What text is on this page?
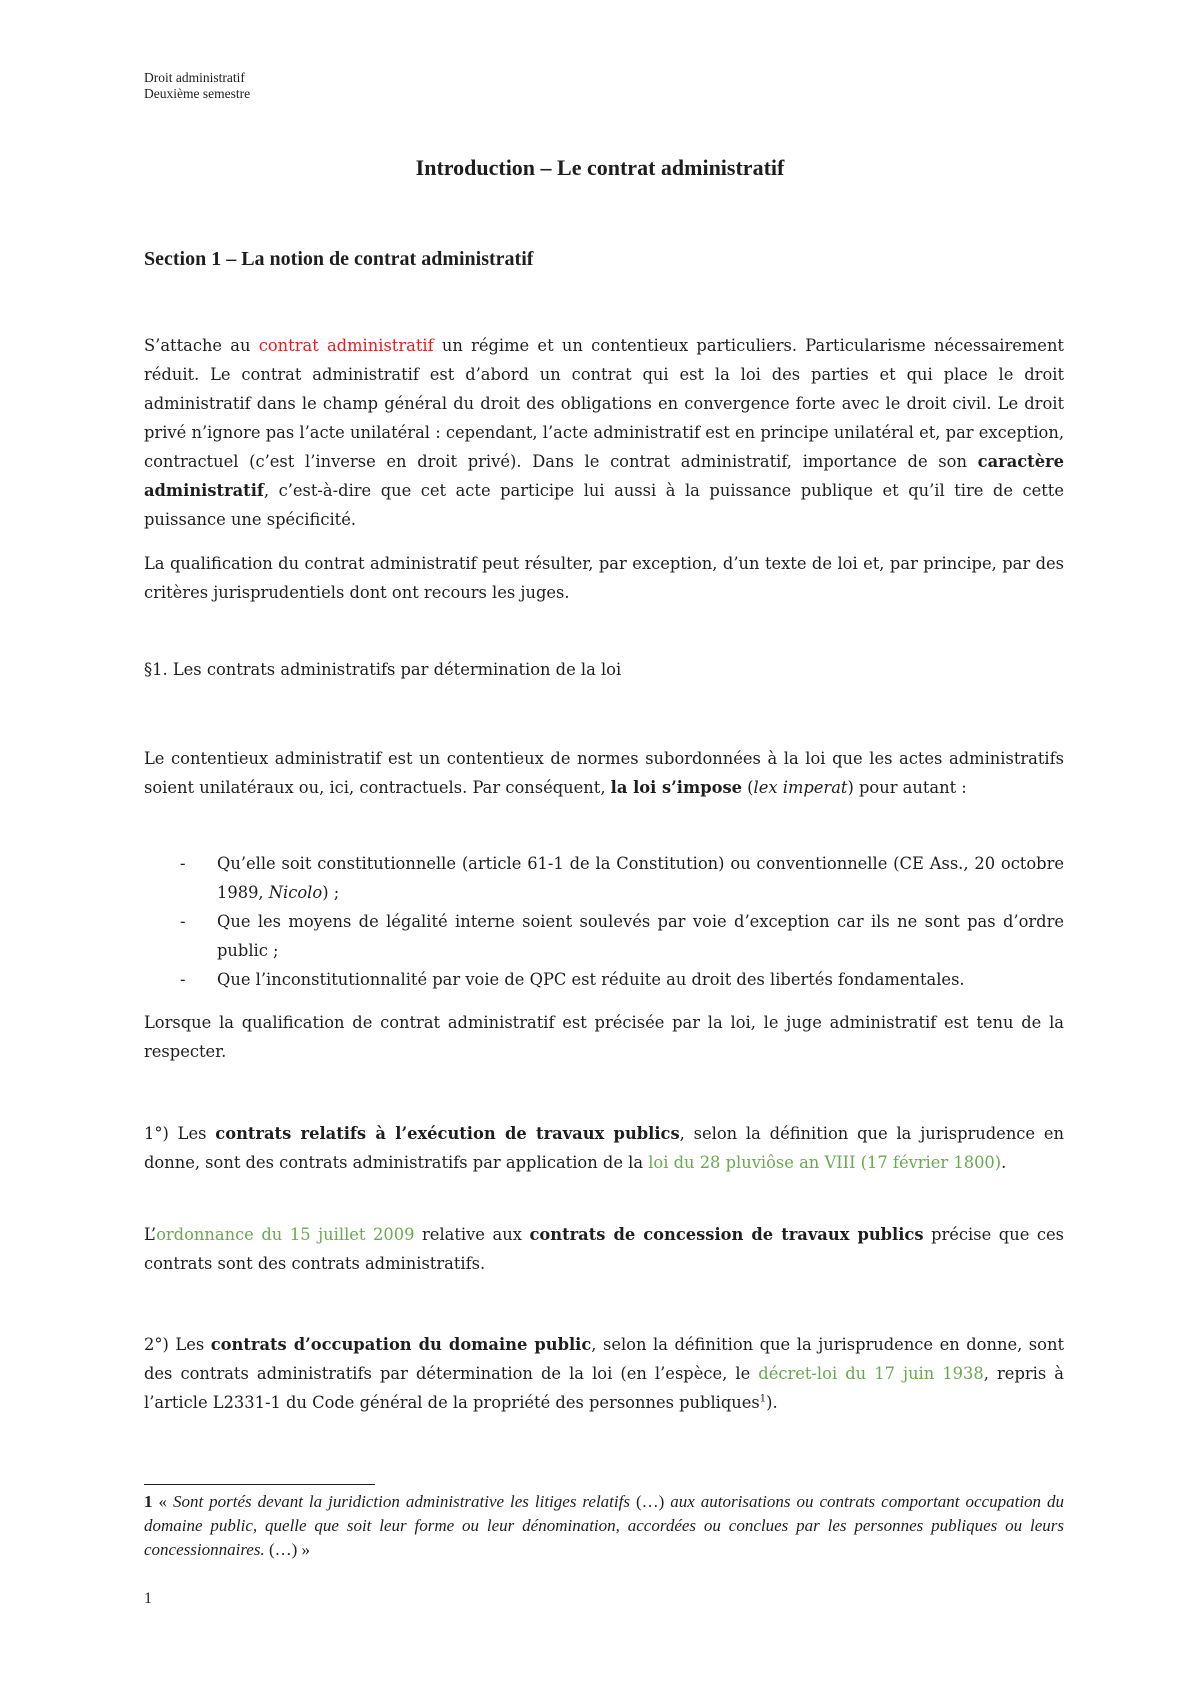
Droit administratif
Deuxième semestre
Introduction – Le contrat administratif
Section 1 – La notion de contrat administratif

S’attache au contrat administratif un régime et un contentieux particuliers. Particularisme nécessairement réduit. Le contrat administratif est d’abord un contrat qui est la loi des parties et qui place le droit administratif dans le champ général du droit des obligations en convergence forte avec le droit civil. Le droit privé n’ignore pas l’acte unilatéral : cependant, l’acte administratif est en principe unilatéral et, par exception, contractuel (c’est l’inverse en droit privé). Dans le contrat administratif, importance de son caractère administratif, c’est-à-dire que cet acte participe lui aussi à la puissance publique et qu’il tire de cette puissance une spécificité.

La qualification du contrat administratif peut résulter, par exception, d’un texte de loi et, par principe, par des critères jurisprudentiels dont ont recours les juges.

§1. Les contrats administratifs par détermination de la loi

Le contentieux administratif est un contentieux de normes subordonnées à la loi que les actes administratifs soient unilatéraux ou, ici, contractuels. Par conséquent, la loi s’impose (lex imperat) pour autant :

- Qu’elle soit constitutionnelle (article 61-1 de la Constitution) ou conventionnelle (CE Ass., 20 octobre 1989, Nicolo) ;
- Que les moyens de légalité interne soient soulevés par voie d’exception car ils ne sont pas d’ordre public ;
- Que l’inconstitutionnalité par voie de QPC est réduite au droit des libertés fondamentales.

Lorsque la qualification de contrat administratif est précisée par la loi, le juge administratif est tenu de la respecter.

1°) Les contrats relatifs à l’exécution de travaux publics, selon la définition que la jurisprudence en donne, sont des contrats administratifs par application de la loi du 28 pluviôse an VIII (17 février 1800).

L’ordonnance du 15 juillet 2009 relative aux contrats de concession de travaux publics précise que ces contrats sont des contrats administratifs.

2°) Les contrats d’occupation du domaine public, selon la définition que la jurisprudence en donne, sont des contrats administratifs par détermination de la loi (en l’espèce, le décret-loi du 17 juin 1938, repris à l’article L2331-1 du Code général de la propriété des personnes publiques$^1$).

1 « Sont portés devant la juridiction administrative les litiges relatifs (…) aux autorisations ou contrats comportant occupation du domaine public, quelle que soit leur forme ou leur dénomination, accordées ou conclues par les personnes publiques ou leurs concessionnaires. (…) »
1
